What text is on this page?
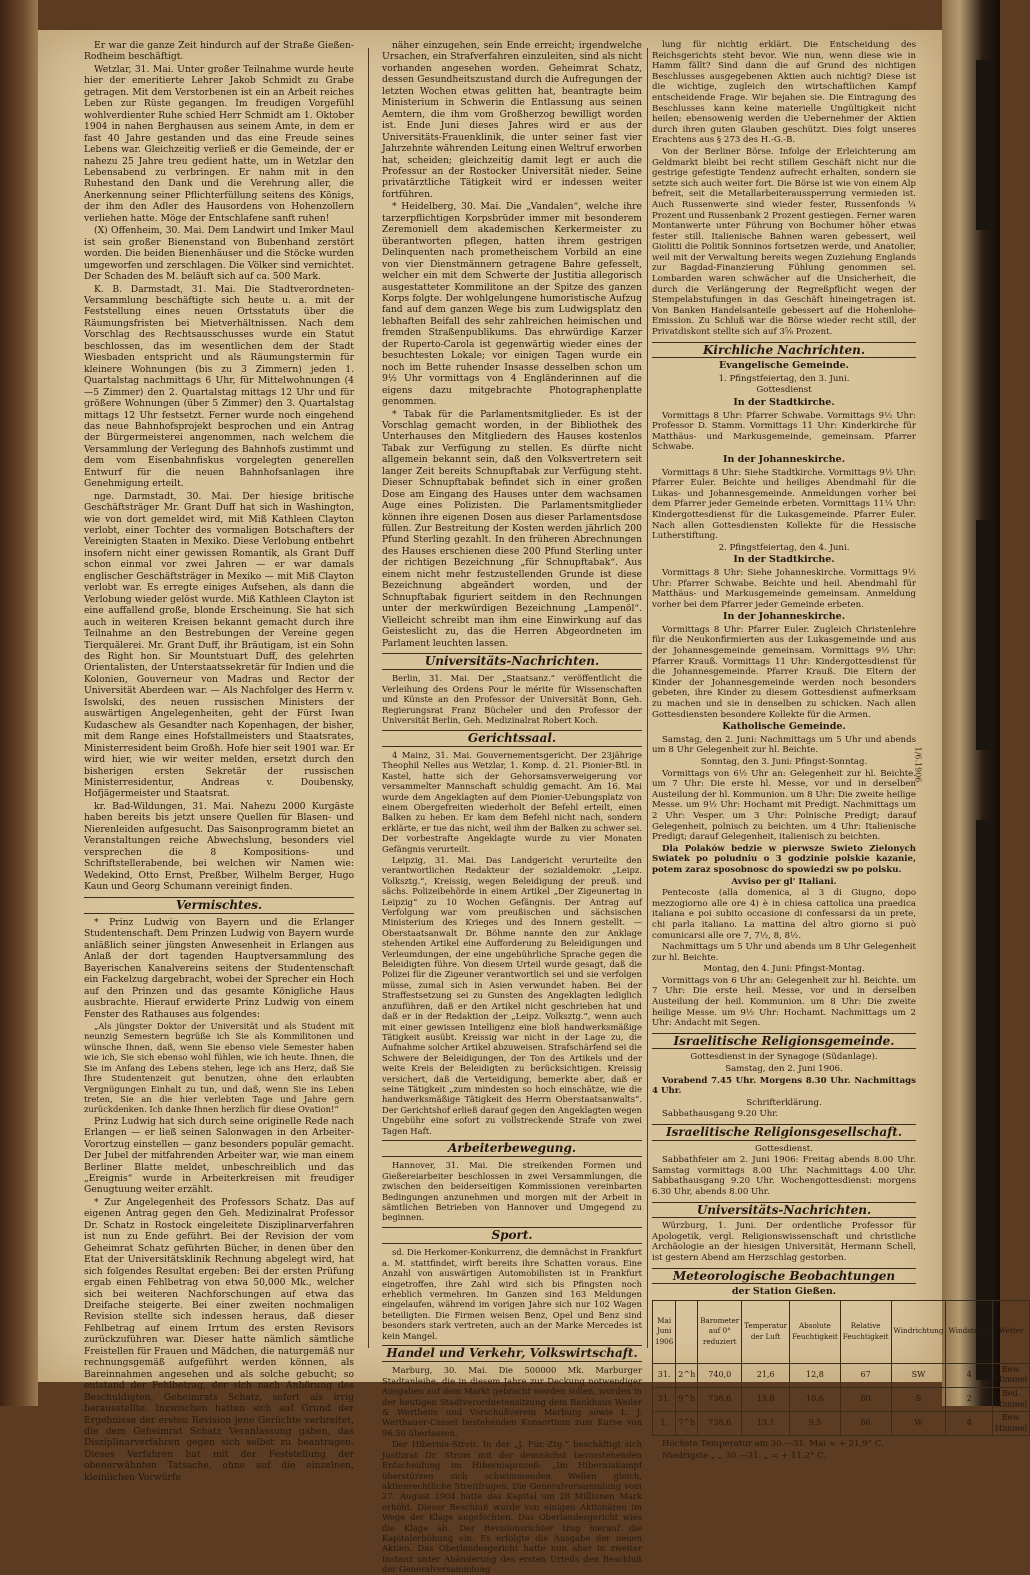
Er war die ganze Zeit hindurch auf der Straße Gießen-Rodheim beschäftigt.

Wetzlar, 31. Mai. Unter großer Teilnahme wurde heute hier der emeritierte Lehrer Jakob Schmidt zu Grabe getragen. Mit dem Verstorbenen ist ein an Arbeit reiches Leben zur Rüste gegangen. Im freudigen Vorgefühl wohlverdienter Ruhe schied Herr Schmidt am 1. Oktober 1904 in nahen Berghausen aus seinem Amte, in dem er fast 40 Jahre gestanden und das eine Freude seines Lebens war. Gleichzeitig verließ er die Gemeinde, der er nahezu 25 Jahre treu gedient hatte, um in Wetzlar den Lebensabend zu verbringen. Er nahm mit in den Ruhestand den Dank und die Verehrung aller, die Anerkennung seiner Pflichterfüllung seitens des Königs, der ihm den Adler des Hausordens von Hohenzollern verliehen hatte. Möge der Entschlafene sanft ruhen!

(X) Offenheim, 30. Mai. Dem Landwirt und Imker Maul ist sein großer Bienenstand von Bubenhand zerstört worden. Die beiden Bienenhäuser und die Stöcke wurden umgeworfen und zerschlagen. Die Völker sind vernichtet. Der Schaden des M. beläuft sich auf ca. 500 Mark.

K. B. Darmstadt, 31. Mai. Die Stadtverordneten-Versammlung beschäftigte sich heute u. a. mit der Feststellung eines neuen Ortsstatuts über die Räumungsfristen bei Mietverhältnissen. Nach dem Vorschlag des Rechtsausschusses wurde ein Statut beschlossen, das im wesentlichen dem der Stadt Wiesbaden entspricht und als Räumungstermin für kleinere Wohnungen (bis zu 3 Zimmern) jeden 1. Quartalstag nachmittags 6 Uhr, für Mittelwohnungen (4—5 Zimmer) den 2. Quartalstag mittags 12 Uhr und für größere Wohnungen (über 5 Zimmer) den 3. Quartalstag mittags 12 Uhr festsetzt. Ferner wurde noch eingehend das neue Bahnhofsprojekt besprochen und ein Antrag der Bürgermeisterei angenommen, nach welchem die Versammlung der Verlegung des Bahnhofs zustimmt und dem vom Eisenbahnfiskus vorgelegten generellen Entwurf für die neuen Bahnhofsanlagen ihre Genehmigung erteilt.

nge. Darmstadt, 30. Mai. Der hiesige britische Geschäftsträger Mr. Grant Duff hat sich in Washington, wie von dort gemeldet wird, mit Miß Kathleen Clayton verlobt, einer Tochter des vormaligen Botschafters der Vereinigten Staaten in Mexiko. Diese Verlobung entbehrt insofern nicht einer gewissen Romantik, als Grant Duff schon einmal vor zwei Jahren — er war damals englischer Geschäftsträger in Mexiko — mit Miß Clayton verlobt war. Es erregte einiges Aufsehen, als dann die Verlobung wieder gelöst wurde. Miß Kathleen Clayton ist eine auffallend große, blonde Erscheinung. Sie hat sich auch in weiteren Kreisen bekannt gemacht durch ihre Teilnahme an den Bestrebungen der Vereine gegen Tierquälerei. Mr. Grant Duff, ihr Bräutigam, ist ein Sohn des Right hon. Sir Mountstuart Duff, des gelehrten Orientalisten, der Unterstaatssekretär für Indien und die Kolonien, Gouverneur von Madras und Rector der Universität Aberdeen war. — Als Nachfolger des Herrn v. Iswolski, des neuen russischen Ministers der auswärtigen Angelegenheiten, geht der Fürst Iwan Kudaschew als Gesandter nach Kopenhagen, der bisher, mit dem Range eines Hofstallmeisters und Staatsrates, Ministerresident beim Großh. Hofe hier seit 1901 war. Er wird hier, wie wir weiter melden, ersetzt durch den bisherigen ersten Sekretär der russischen Ministerresidentur, Andreas v. Doubensky, Hofjägermeister und Staatsrat.

kr. Bad-Wildungen, 31. Mai. Nahezu 2000 Kurgäste haben bereits bis jetzt unsere Quellen für Blasen- und Nierenleiden aufgesucht. Das Saisonprogramm bietet an Veranstaltungen reiche Abwechslung, besonders viel versprechen die 8 Kompositions- und Schriftstellerabende, bei welchen wir Namen wie: Wedekind, Otto Ernst, Preßber, Wilhelm Berger, Hugo Kaun und Georg Schumann vereinigt finden.

Vermischtes.

* Prinz Ludwig von Bayern und die Erlanger Studentenschaft. Dem Prinzen Ludwig von Bayern wurde anläßlich seiner jüngsten Anwesenheit in Erlangen aus Anlaß der dort tagenden Hauptversammlung des Bayerischen Kanalvereins seitens der Studentenschaft ein Fackelzug dargebracht, wobei der Sprecher ein Hoch auf den Prinzen und das gesamte Königliche Haus ausbrachte. Hierauf erwiderte Prinz Ludwig von einem Fenster des Rathauses aus folgendes:

„Als jüngster Doktor der Universität und als Student mit neunzig Semestern begrüße ich Sie als Kommilitonen und wünsche Ihnen, daß, wenn Sie ebenso viele Semester haben wie ich, Sie sich ebenso wohl fühlen, wie ich heute. Ihnen, die Sie im Anfang des Lebens stehen, lege ich ans Herz, daß Sie Ihre Studentenzeit gut benutzen, ohne den erlaubten Vergnügungen Einhalt zu tun, und daß, wenn Sie ins Leben treten, Sie an die hier verlebten Tage und Jahre gern zurückdenken. Ich danke Ihnen herzlich für diese Ovation!“

Prinz Ludwig hat sich durch seine originelle Rede nach Erlangen — er ließ seinen Salonwagen in den Arbeiter-Vorortzug einstellen — ganz besonders populär gemacht. Der Jubel der mitfahrenden Arbeiter war, wie man einem Berliner Blatte meldet, unbeschreiblich und das „Ereignis“ wurde in Arbeiterkreisen mit freudiger Genugtuung weiter erzählt.

* Zur Angelegenheit des Professors Schatz. Das auf eigenen Antrag gegen den Geh. Medizinalrat Professor Dr. Schatz in Rostock eingeleitete Disziplinarverfahren ist nun zu Ende geführt. Bei der Revision der vom Geheimrat Schatz geführten Bücher, in denen über den Etat der Universitätsklinik Rechnung abgelegt wird, hat sich folgendes Resultat ergeben: Bei der ersten Prüfung ergab einen Fehlbetrag von etwa 50,000 Mk., welcher sich bei weiteren Nachforschungen auf etwa das Dreifache steigerte. Bei einer zweiten nochmaligen Revision stellte sich indessen heraus, daß dieser Fehlbetrag auf einem Irrtum des ersten Revisors zurückzuführen war. Dieser hatte nämlich sämtliche Freistellen für Frauen und Mädchen, die naturgemäß nur rechnungsgemäß aufgeführt werden können, als Bareinnahmen angesehen und als solche gebucht; so entstand der Fehlbetrag, der sich nach Anhörung des Beschuldigten, Geheimrats Schatz, sofort als irrig herausstellte. Inzwischen hatten sich auf Grund der Ergebnisse der ersten Revision jene Gerüchte verbreitet, die dem Geheimrat Schatz Veranlassung gaben, das Disziplinarverfahren gegen sich selbst zu beantragen. Dieses Verfahren hat mit der Feststellung der obenerwähnten Tatsache, ohne auf die einzelnen, kleinlichen Vorwürfe

näher einzugehen, sein Ende erreicht; irgendwelche Ursachen, ein Strafverfahren einzuleiten, sind als nicht vorhanden angesehen worden. Geheimrat Schatz, dessen Gesundheitszustand durch die Aufregungen der letzten Wochen etwas gelitten hat, beantragte beim Ministerium in Schwerin die Entlassung aus seinen Aemtern, die ihm vom Großherzog bewilligt worden ist. Ende Juni dieses Jahres wird er aus der Universitäts-Frauenklinik, die unter seiner fast vier Jahrzehnte währenden Leitung einen Weltruf erworben hat, scheiden; gleichzeitig damit legt er auch die Professur an der Rostocker Universität nieder. Seine privatärztliche Tätigkeit wird er indessen weiter fortführen.

* Heidelberg, 30. Mai. Die „Vandalen“, welche ihre tarzerpflichtigen Korpsbrüder immer mit besonderem Zeremoniell dem akademischen Kerkermeister zu überantworten pflegen, hatten ihrem gestrigen Delinquenten nach prometheischem Vorbild an eine von vier Dienstmännern getragene Bahre gefesselt, welcher ein mit dem Schwerte der Justitia allegorisch ausgestatteter Kommilitone an der Spitze des ganzen Korps folgte. Der wohlgelungene humoristische Aufzug fand auf dem ganzen Wege bis zum Ludwigsplatz den lebhaften Beifall des sehr zahlreichen heimischen und fremden Straßenpublikums. Das ehrwürdige Karzer der Ruperto-Carola ist gegenwärtig wieder eines der besuchtesten Lokale; vor einigen Tagen wurde ein noch im Bette ruhender Insasse desselben schon um 9½ Uhr vormittags von 4 Engländerinnen auf die eigens dazu mitgebrachte Photographenplatte genommen.

* Tabak für die Parlamentsmitglieder. Es ist der Vorschlag gemacht worden, in der Bibliothek des Unterhauses den Mitgliedern des Hauses kostenlos Tabak zur Verfügung zu stellen. Es dürfte nicht allgemein bekannt sein, daß den Volksvertretern seit langer Zeit bereits Schnupftabak zur Verfügung steht. Dieser Schnupftabak befindet sich in einer großen Dose am Eingang des Hauses unter dem wachsamen Auge eines Polizisten. Die Parlamentsmitglieder können ihre eigenen Dosen aus dieser Parlamentsdose füllen. Zur Bestreitung der Kosten werden jährlich 200 Pfund Sterling gezahlt. In den früheren Abrechnungen des Hauses erschienen diese 200 Pfund Sterling unter der richtigen Bezeichnung „für Schnupftabak“. Aus einem nicht mehr festzustellenden Grunde ist diese Bezeichnung abgeändert worden, und der Schnupftabak figuriert seitdem in den Rechnungen unter der merkwürdigen Bezeichnung „Lampenöl“. Vielleicht schreibt man ihm eine Einwirkung auf das Geisteslicht zu, das die Herren Abgeordneten im Parlament leuchten lassen.

Universitäts-Nachrichten.

Berlin, 31. Mai. Der „Staatsanz.“ veröffentlicht die Verleihung des Ordens Pour le mérite für Wissenschaften und Künste an den Professor der Universität Bonn, Geh. Regierungsrat Franz Bücheler und den Professor der Universität Berlin, Geh. Medizinalrat Robert Koch.

Gerichtssaal.

4 Mainz, 31. Mai. Gouvernementsgericht. Der 23jährige Theophil Nelles aus Wetzlar, 1. Komp. d. 21. Pionier-Btl. in Kastel, hatte sich der Gehorsamsverweigerung vor versammelter Mannschaft schuldig gemacht. Am 16. Mai wurde dem Angeklagten auf dem Pionier-Uebungsplatz von einem Obergefreiten wiederholt der Befehl erteilt, einen Balken zu heben. Er kam dem Befehl nicht nach, sondern erklärte, er tue das nicht, weil ihm der Balken zu schwer sei. Der vorbestrafte Angeklagte wurde zu vier Monaten Gefängnis verurteilt.

Leipzig, 31. Mai. Das Landgericht verurteilte den verantwortlichen Redakteur der sozialdemokr. „Leipz. Volksztg.“, Kreissig, wegen Beleidigung der preuß. und sächs. Polizeibehörde in einem Artikel „Der Zigeunertag in Leipzig“ zu 10 Wochen Gefängnis. Der Antrag auf Verfolgung war vom preußischen und sächsischen Ministerium des Krieges und des Innern gestellt. — Oberstaatsanwalt Dr. Böhme nannte den zur Anklage stehenden Artikel eine Aufforderung zu Beleidigungen und Verleumdungen, der eine ungebührliche Sprache gegen die Beleidigten führe. Von diesem Urteil wurde gesagt, daß die Polizei für die Zigeuner verantwortlich sei und sie verfolgen müsse, zumal sich in Asien verwundet haben. Bei der Straffestsetzung sei zu Gunsten des Angeklagten lediglich anzuführen, daß er den Artikel nicht geschrieben hat und daß er in der Redaktion der „Leipz. Volksztg.“, wenn auch mit einer gewissen Intelligenz eine bloß handwerksmäßige Tätigkeit ausübt. Kreissig war nicht in der Lage zu, die Aufnahme solcher Artikel abzuweisen. Strafschärfend sei die Schwere der Beleidigungen, der Ton des Artikels und der weite Kreis der Beleidigten zu berücksichtigen. Kreissig versichert, daß die Verteidigung, bemerkte aber, daß er seine Tätigkeit „zum mindesten so hoch einschätze, wie die handwerksmäßige Tätigkeit des Herrn Oberstaatsanwalts“. Der Gerichtshof erließ darauf gegen den Angeklagten wegen Ungebühr eine sofort zu vollstreckende Strafe von zwei Tagen Haft.

Arbeiterbewegung.

Hannover, 31. Mai. Die streikenden Formen und Gießereiarbeiter beschlossen in zwei Versammlungen, die zwischen den beiderseitigen Kommissionen vereinbarten Bedingungen anzunehmen und morgen mit der Arbeit in sämtlichen Betrieben von Hannover und Umgegend zu beginnen.

Sport.

sd. Die Herkomer-Konkurrenz, die demnächst in Frankfurt a. M. stattfindet, wirft bereits ihre Schatten voraus. Eine Anzahl von auswärtigen Automobilisten ist in Frankfurt eingetroffen, ihre Zahl wird sich bis Pfingsten noch erheblich vermehren. Im Ganzen sind 163 Meldungen eingelaufen, während im vorigen Jahre sich nur 102 Wagen beteiligten. Die Firmen weisen Benz, Opel und Benz sind besonders stark vertreten, auch an der Marke Mercedes ist kein Mangel.

Handel und Verkehr, Volkswirtschaft.

Marburg, 30. Mai. Die 500000 Mk. Marburger Stadtanleihe, die in diesem Jahre zur Deckung notwendiger Ausgaben auf dem Markt gebracht werden sollen, wurden in der heutigen Stadtverordnetensitzung dem Bankhaus Weiler & Wertheim und Vorschußverein Marburg sowie L. J. Werthauer-Cassel bestehenden Konsortium zum Kurse von 96.50 überlassen.

Der Hibernia-Streit. In der „J. Fur.-Ztg.“ beschäftigt sich Justizrat Dr. Strom mit der demnächst bevorstehenden Entscheidung im Hiberniaprozeß: „Im Hiberniakampf überstürzen sich schwimmenden Wellen gleich, aktienrechtliche Streitfragen. Die Generalversammlung vom 27. August 1904 hatte das Kapital um 28 Millionen Mark erhöht. Dieser Beschluß wurde von einigen Aktionären im Wege der Klage angefochten. Das Oberlandesgericht wies die Klage ab. Der Revisionsrichter trug hierauf die Kapitalerhöhung ein. Es erfolgte die Ausgabe der neuen Aktien. Das Oberlandesgericht hatte nun aber in zweiter Instanz unter Abänderung des ersten Urteils den Beschluß der Generalversammlung

lung für nichtig erklärt. Die Entscheidung des Reichsgerichts steht bevor. Wie nun, wenn diese wie in Hamm fällt? Sind dann die auf Grund des nichtigen Beschlusses ausgegebenen Aktien auch nichtig? Diese ist die wichtige, zugleich den wirtschaftlichen Kampf entscheidende Frage. Wir bejahen sie. Die Eintragung des Beschlusses kann keine materielle Ungültigkeit nicht heilen; ebensowenig werden die Uebernehmer der Aktien durch ihren guten Glauben geschützt. Dies folgt unseres Erachtens aus § 273 des H.-G.-B.

Von der Berliner Börse. Infolge der Erleichterung am Geldmarkt bleibt bei recht stillem Geschäft nicht nur die gestrige gefestigte Tendenz aufrecht erhalten, sondern sie setzte sich auch weiter fort. Die Börse ist wie von einem Alp befreit, seit die Metallarbeiteraussperrung vermieden ist. Auch Russenwerte sind wieder fester, Russenfonds ¼ Prozent und Russenbank 2 Prozent gestiegen. Ferner waren Montanwerte unter Führung von Bochumer höher etwas fester still. Italienische Bahnen waren gebessert, weil Giolitti die Politik Sonninos fortsetzen werde, und Anatolier, weil mit der Verwaltung bereits wegen Zuziehung Englands zur Bagdad-Finanzierung Fühlung genommen sei. Lombarden waren schwächer auf die Unsicherheit, die durch die Verlängerung der Regreßpflicht wegen der Stempelabstufungen in das Geschäft hineingetragen ist. Von Banken Handelsanteile gebessert auf die Hohenlohe-Emission. Zu Schluß war die Börse wieder recht still, der Privatdiskont stellte sich auf 3⅝ Prozent.

Kirchliche Nachrichten.
Evangelische Gemeinde.

1. Pfingstfeiertag, den 3. Juni.

Gottesdienst

In der Stadtkirche.

Vormittags 8 Uhr: Pfarrer Schwabe. Vormittags 9½ Uhr: Professor D. Stamm. Vormittags 11 Uhr: Kinderkirche für Matthäus- und Markusgemeinde, gemeinsam. Pfarrer Schwabe.

In der Johanneskirche.

Vormittags 8 Uhr: Siehe Stadtkirche. Vormittags 9½ Uhr: Pfarrer Euler. Beichte und heiliges Abendmahl für die Lukas- und Johannesgemeinde. Anmeldungen vorher bei dem Pfarrer jeder Gemeinde erbeten. Vormittags 11¼ Uhr: Kindergottesdienst für die Lukasgemeinde. Pfarrer Euler. Nach allen Gottesdiensten Kollekte für die Hessische Lutherstiftung.

2. Pfingstfeiertag, den 4. Juni.

In der Stadtkirche.

Vormittags 8 Uhr: Siehe Johanneskirche. Vormittags 9½ Uhr: Pfarrer Schwabe. Beichte und heil. Abendmahl für Matthäus- und Markusgemeinde gemeinsam. Anmeldung vorher bei dem Pfarrer jeder Gemeinde erbeten.

In der Johanneskirche.

Vormittags 8 Uhr: Pfarrer Euler. Zugleich Christenlehre für die Neukonfirmierten aus der Lukasgemeinde und aus der Johannesgemeinde gemeinsam. Vormittags 9½ Uhr: Pfarrer Krauß. Vormittags 11 Uhr: Kindergottesdienst für die Johannesgemeinde. Pfarrer Krauß. Die Eltern der Kinder der Johannesgemeinde werden noch besonders gebeten, ihre Kinder zu diesem Gottesdienst aufmerksam zu machen und sie in denselben zu schicken. Nach allen Gottesdiensten besondere Kollekte für die Armen.

Katholische Gemeinde.

Samstag, den 2. Juni: Nachmittags um 5 Uhr und abends um 8 Uhr Gelegenheit zur hl. Beichte.

Sonntag, den 3. Juni: Pfingst-Sonntag.

Vormittags von 6½ Uhr an: Gelegenheit zur hl. Beichte. um 7 Uhr: Die erste hl. Messe, vor und in derselben Austeilung der hl. Kommunion. um 8 Uhr: Die zweite heilige Messe. um 9½ Uhr: Hochamt mit Predigt. Nachmittags um 2 Uhr: Vesper. um 3 Uhr: Polnische Predigt; darauf Gelegenheit, polnisch zu beichten. um 4 Uhr: Italienische Predigt; darauf Gelegenheit, italienisch zu beichten.

Dla Polaków bedzie w pierwsze Swieto Zielonych Swiatek po poludniu o 3 godzinie polskie kazanie, potem zaraz sposobnosc do spowiedzi sw po polsku.

Avviso per gl' Italiani.

Pentecoste (alla domenica, al 3 di Giugno, dopo mezzogiorno alle ore 4) è in chiesa cattolica una praedica italiana e poi subito occasione di confessarsi da un prete, chi parla italiano. La mattina del altro giorno si può comunicarsi alle ore 7, 7½, 8, 8½.

Nachmittags um 5 Uhr und abends um 8 Uhr Gelegenheit zur hl. Beichte.

Montag, den 4. Juni: Pfingst-Montag.

Vormittags von 6 Uhr an: Gelegenheit zur hl. Beichte. um 7 Uhr: Die erste heil. Messe, vor und in derselben Austeilung der heil. Kommunion. um 8 Uhr: Die zweite heilige Messe. um 9½ Uhr: Hochamt. Nachmittags um 2 Uhr: Andacht mit Segen.

Israelitische Religionsgemeinde.

Gottesdienst in der Synagoge (Südanlage).

Samstag, den 2. Juni 1906.

Vorabend 7.45 Uhr. Morgens 8.30 Uhr. Nachmittags 4 Uhr.

Schrifterklärung.

Sabbathausgang 9.20 Uhr.

Israelitische Religionsgesellschaft.

Gottesdienst.

Sabbathfeier am 2. Juni 1906: Freitag abends 8.00 Uhr. Samstag vormittags 8.00 Uhr. Nachmittags 4.00 Uhr. Sabbathausgang 9.20 Uhr. Wochengottesdienst: morgens 6.30 Uhr, abends 8.00 Uhr.

Universitäts-Nachrichten.

Würzburg, 1. Juni. Der ordentliche Professor für Apologetik, vergl. Religionswissenschaft und christliche Archäologie an der hiesigen Universität, Hermann Schell, ist gestern Abend am Herzschlag gestorben.

Meteorologische Beobachtungen
der Station Gießen.
Mai Juni 1906		Barometer auf 0° reduziert	Temperatur der Luft	Absolute Feuchtigkeit	Relative Feuchtigkeit	Windrichtung	Windstärke	Wetter
31.	2^h	740,0	21,6	12,8	67	SW	4	Bew. Himmel
31.	9^h	736,6	15,8	10,6	80	S	2	Bed. Himmel
1.	7^h	738,6	13,1	9,5	86	W	4	Bew. Himmel

Höchste Temperatur am 30.—31. Mai = + 21,9° C.

Niedrigste „ „ 30.—31. „ = + 11,2° C.

1/6.1906
